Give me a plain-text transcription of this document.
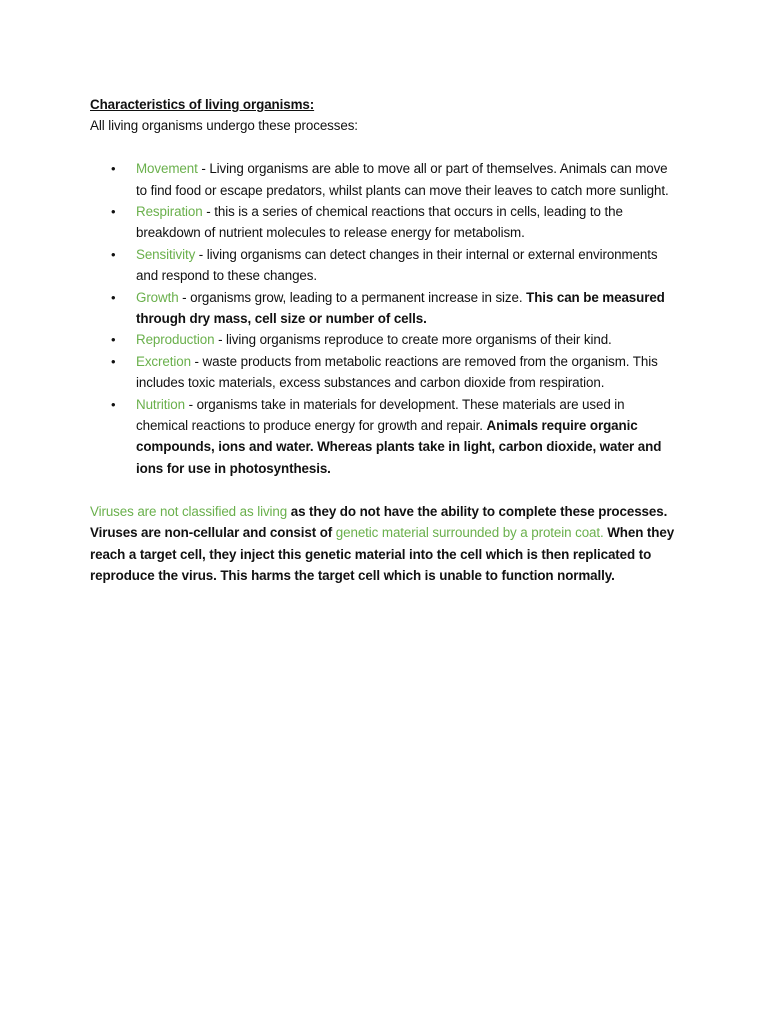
Characteristics of living organisms:

All living organisms undergo these processes:

• Movement - Living organisms are able to move all or part of themselves. Animals can move to find food or escape predators, whilst plants can move their leaves to catch more sunlight.
• Respiration - this is a series of chemical reactions that occurs in cells, leading to the breakdown of nutrient molecules to release energy for metabolism.
• Sensitivity - living organisms can detect changes in their internal or external environments and respond to these changes.
• Growth - organisms grow, leading to a permanent increase in size. This can be measured through dry mass, cell size or number of cells.
• Reproduction - living organisms reproduce to create more organisms of their kind.
• Excretion - waste products from metabolic reactions are removed from the organism. This includes toxic materials, excess substances and carbon dioxide from respiration.
• Nutrition - organisms take in materials for development. These materials are used in chemical reactions to produce energy for growth and repair. Animals require organic compounds, ions and water. Whereas plants take in light, carbon dioxide, water and ions for use in photosynthesis.

Viruses are not classified as living as they do not have the ability to complete these processes. Viruses are non-cellular and consist of genetic material surrounded by a protein coat. When they reach a target cell, they inject this genetic material into the cell which is then replicated to reproduce the virus. This harms the target cell which is unable to function normally.
